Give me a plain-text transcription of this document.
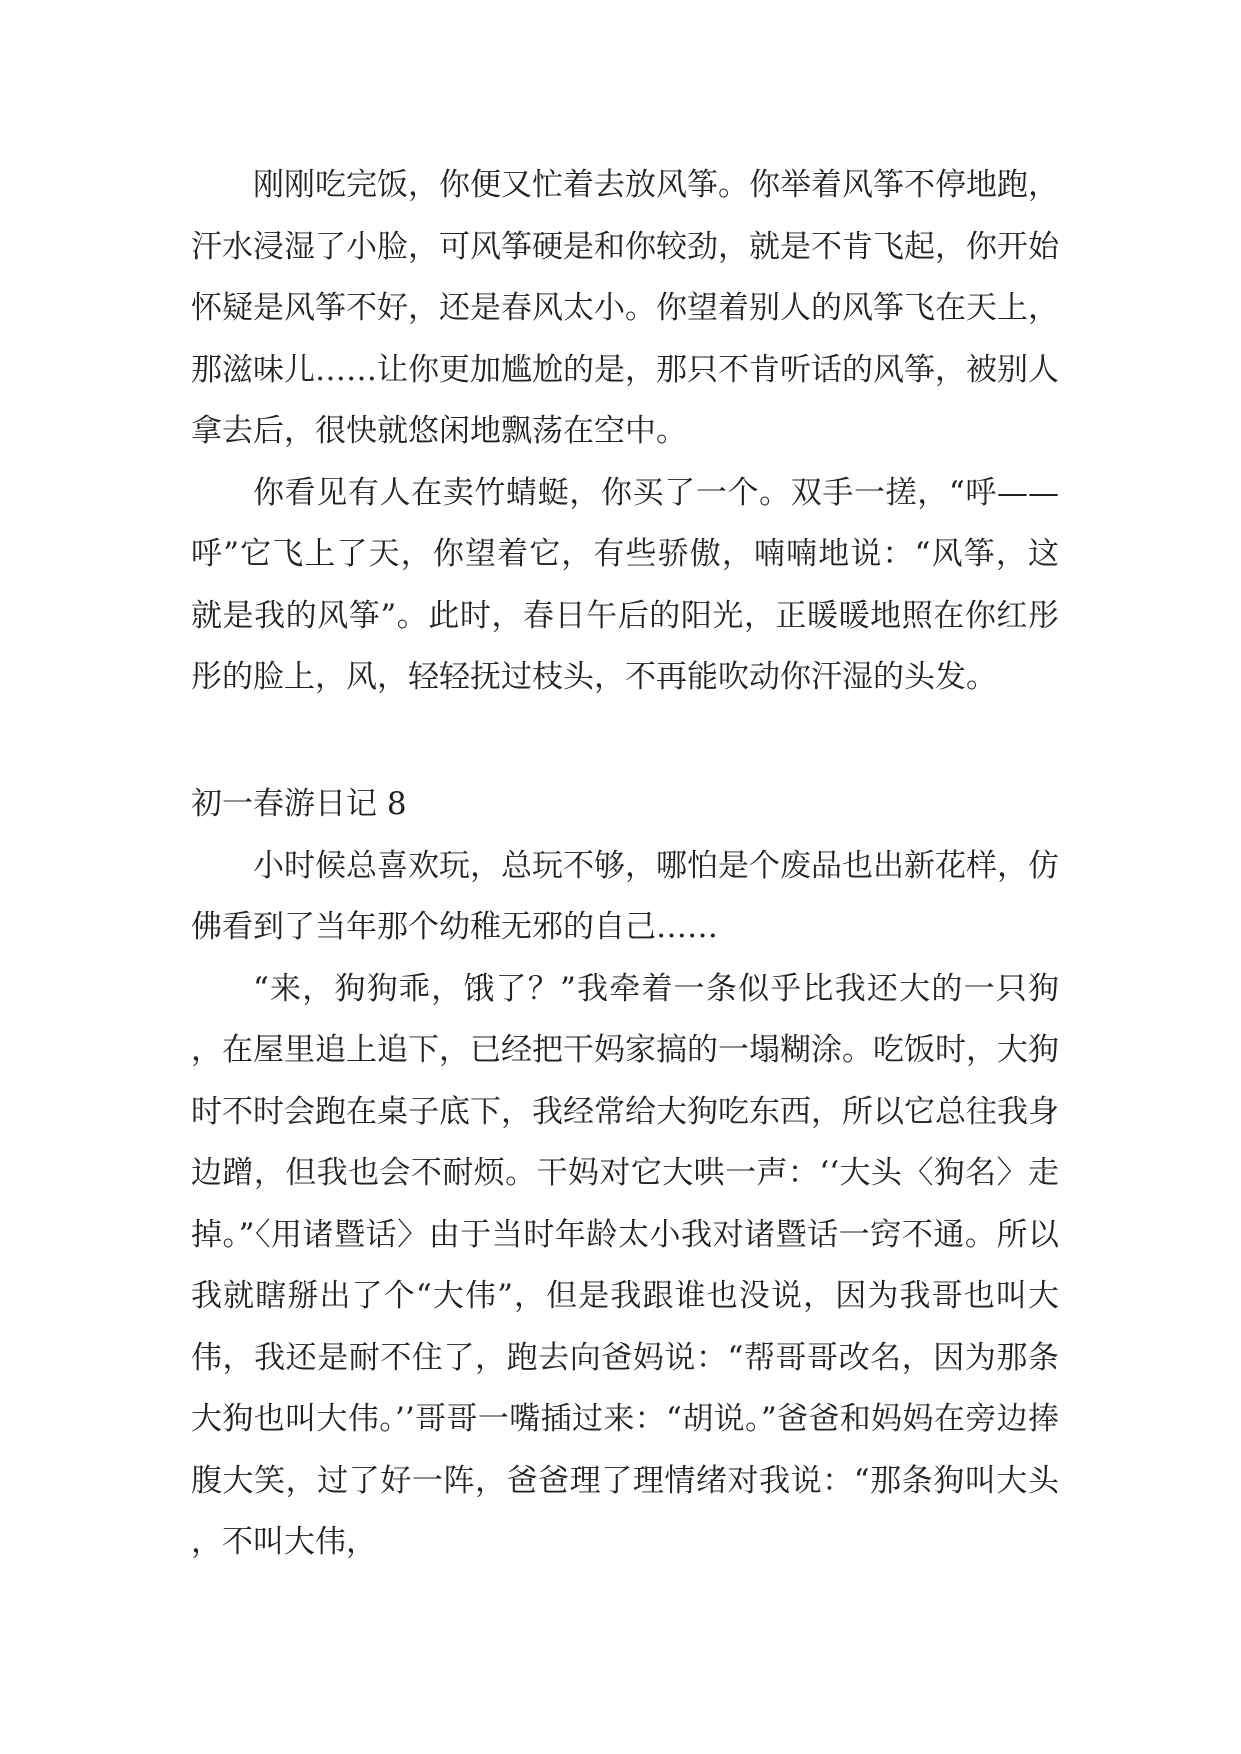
刚刚吃完饭，你便又忙着去放风筝。你举着风筝不停地跑，汗水浸湿了小脸，可风筝硬是和你较劲，就是不肯飞起，你开始怀疑是风筝不好，还是春风太小。你望着别人的风筝飞在天上，那滋味儿……让你更加尴尬的是，那只不肯听话的风筝，被别人拿去后，很快就悠闲地飘荡在空中。

你看见有人在卖竹蜻蜓，你买了一个。双手一搓，“呼——呼”它飞上了天，你望着它，有些骄傲，喃喃地说：“风筝，这就是我的风筝”。此时，春日午后的阳光，正暖暖地照在你红彤彤的脸上，风，轻轻抚过枝头，不再能吹动你汗湿的头发。

初一春游日记 8

小时候总喜欢玩，总玩不够，哪怕是个废品也出新花样，仿佛看到了当年那个幼稚无邪的自己……

“来，狗狗乖，饿了？”我牵着一条似乎比我还大的一只狗，在屋里追上追下，已经把干妈家搞的一塌糊涂。吃饭时，大狗时不时会跑在桌子底下，我经常给大狗吃东西，所以它总往我身边蹭，但我也会不耐烦。干妈对它大哄一声：‘‘大头〈狗名〉走掉。”〈用诸暨话〉由于当时年龄太小我对诸暨话一窍不通。所以我就瞎掰出了个“大伟”，但是我跟谁也没说，因为我哥也叫大伟，我还是耐不住了，跑去向爸妈说：“帮哥哥改名，因为那条大狗也叫大伟。’’哥哥一嘴插过来：“胡说。”爸爸和妈妈在旁边捧腹大笑，过了好一阵，爸爸理了理情绪对我说：“那条狗叫大头，不叫大伟，
